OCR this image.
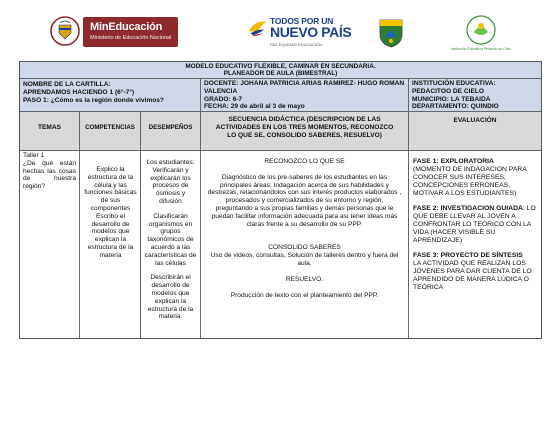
MinEducación
Ministerio de Educación Nacional
TODOS POR UN
NUEVO PAÍS
PAZ EQUIDAD EDUCACIÓN
Institución Educativa Pedacito de Cielo

MODELO EDUCATIVO FLEXIBLE, CAMINAR EN SECUNDARIA.

PLANEADOR DE AULA (BIMESTRAL)

NOMBRE DE LA CARTILLA:

APRENDAMOS HACIENDO 1 (6°-7°)

PASO 1: ¿Cómo es la región donde vivimos?

DOCENTE: JOHANA PATRICIA ARIAS RAMIREZ- HUGO ROMAN VALENCIA

GRADO: 6-7

FECHA: 29 de abril al 3 de mayo

INSTITUCIÓN EDUCATIVA:

PEDACITOO DE CIELO

MUNICIPIO: LA TEBAIDA

DEPARTAMENTO: QUINDIO

TEMAS	COMPETENCIAS	DESEMPEÑOS
SECUENCIA DIDÁCTICA (DESCRIPCION DE LAS ACTIVIDADES EN LOS TRES MOMENTOS, RECONOZCO LO QUE SE, CONSOLIDO SABERES, RESUELVO)
EVALUACIÓN

Taller 1

¿De qué están hechas las cosas de nuestra región?

Explico la estructura de la célula y las funciones básicas de sus componentes Escribo el desarrollo de modelos que explican la estructura de la materia

Los estudiantes: Verificarán y explicarán los procesos de ósmosis y difusión

Clasificarán organismos en grupos taxonómicos de acuerdo a las características de las células

Describirán el desarrollo de modelos que explican la estructura de la materia.

RECONOZCO LO QUE SE

Diagnóstico de los pre-saberes de los estudiantes en las principales áreas; Indagación acerca de sus habilidades y destrezas, relacionándolos con sus interés productos elaborados , procesados y comercializados de su entorno y región, preguntando a sus propias familias y demás personas que le puedan facilitar información adecuada para así tener ideas más claras frente a su desarrollo de su PPP.

CONSOLIDO SABERES

Uso de videos, consultas, Solución de talleres dentro y fuera del aula.

RESUELVO.

Producción de texto con el planteamiento del PPP.

FASE 1: EXPLORATORIA

(MOMENTO DE INDAGACION PARA CONOCER SUS INTERESES, CONCEPCIONES ERRONEAS, MOTIVAR A LOS ESTUDIANTES)

FASE 2: INVESTIGACION GUIADA: LO QUE DEBE LLEVAR AL JOVEN A CONFRONTAR LO TEÓRICO CON LA VIDA (HACER VISIBLE SU APRENDIZAJE)

FASE 3: PROYECTO DE SÍNTESIS

LA ACTIVIDAD QUE REALIZAN LOS JÓVENES PARA DAR CUENTA DE LO APRENDIDO DE MANERA LÚDICA O TEÓRICA
